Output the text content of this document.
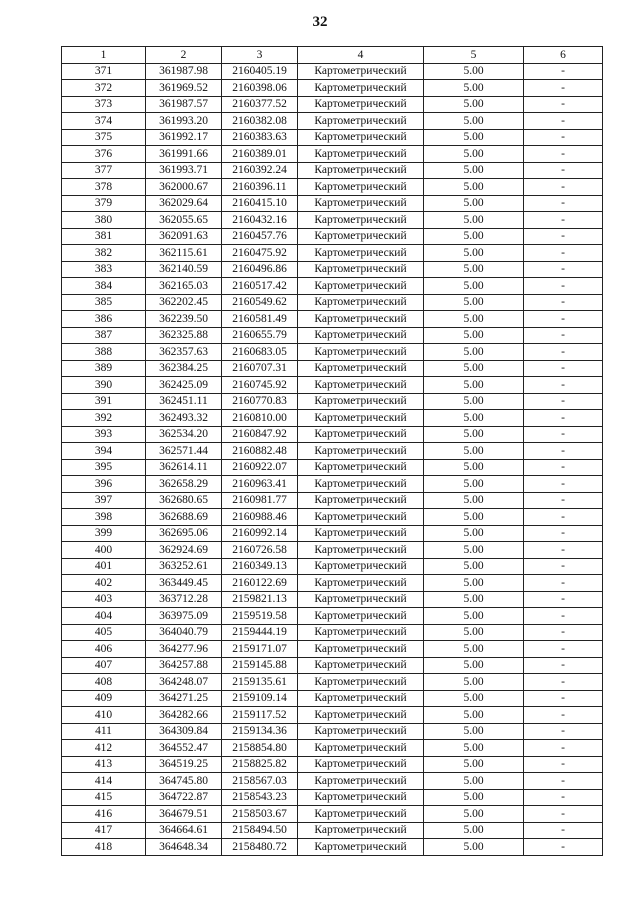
32
1	2	3	4	5	6
371	361987.98	2160405.19	Картометрический	5.00	-
372	361969.52	2160398.06	Картометрический	5.00	-
373	361987.57	2160377.52	Картометрический	5.00	-
374	361993.20	2160382.08	Картометрический	5.00	-
375	361992.17	2160383.63	Картометрический	5.00	-
376	361991.66	2160389.01	Картометрический	5.00	-
377	361993.71	2160392.24	Картометрический	5.00	-
378	362000.67	2160396.11	Картометрический	5.00	-
379	362029.64	2160415.10	Картометрический	5.00	-
380	362055.65	2160432.16	Картометрический	5.00	-
381	362091.63	2160457.76	Картометрический	5.00	-
382	362115.61	2160475.92	Картометрический	5.00	-
383	362140.59	2160496.86	Картометрический	5.00	-
384	362165.03	2160517.42	Картометрический	5.00	-
385	362202.45	2160549.62	Картометрический	5.00	-
386	362239.50	2160581.49	Картометрический	5.00	-
387	362325.88	2160655.79	Картометрический	5.00	-
388	362357.63	2160683.05	Картометрический	5.00	-
389	362384.25	2160707.31	Картометрический	5.00	-
390	362425.09	2160745.92	Картометрический	5.00	-
391	362451.11	2160770.83	Картометрический	5.00	-
392	362493.32	2160810.00	Картометрический	5.00	-
393	362534.20	2160847.92	Картометрический	5.00	-
394	362571.44	2160882.48	Картометрический	5.00	-
395	362614.11	2160922.07	Картометрический	5.00	-
396	362658.29	2160963.41	Картометрический	5.00	-
397	362680.65	2160981.77	Картометрический	5.00	-
398	362688.69	2160988.46	Картометрический	5.00	-
399	362695.06	2160992.14	Картометрический	5.00	-
400	362924.69	2160726.58	Картометрический	5.00	-
401	363252.61	2160349.13	Картометрический	5.00	-
402	363449.45	2160122.69	Картометрический	5.00	-
403	363712.28	2159821.13	Картометрический	5.00	-
404	363975.09	2159519.58	Картометрический	5.00	-
405	364040.79	2159444.19	Картометрический	5.00	-
406	364277.96	2159171.07	Картометрический	5.00	-
407	364257.88	2159145.88	Картометрический	5.00	-
408	364248.07	2159135.61	Картометрический	5.00	-
409	364271.25	2159109.14	Картометрический	5.00	-
410	364282.66	2159117.52	Картометрический	5.00	-
411	364309.84	2159134.36	Картометрический	5.00	-
412	364552.47	2158854.80	Картометрический	5.00	-
413	364519.25	2158825.82	Картометрический	5.00	-
414	364745.80	2158567.03	Картометрический	5.00	-
415	364722.87	2158543.23	Картометрический	5.00	-
416	364679.51	2158503.67	Картометрический	5.00	-
417	364664.61	2158494.50	Картометрический	5.00	-
418	364648.34	2158480.72	Картометрический	5.00	-
